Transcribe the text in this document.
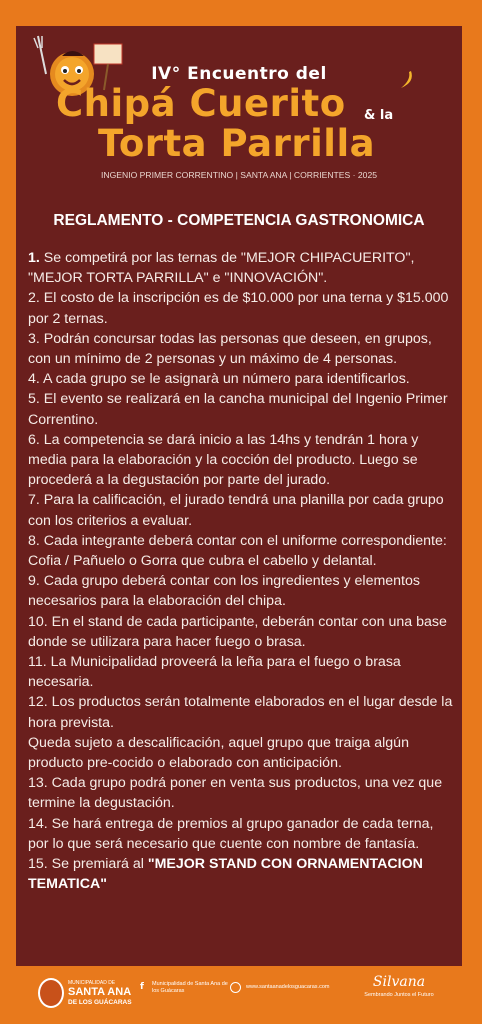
IV° Encuentro del
Chipá Cuerito & la
Torta Parrilla
INGENIO PRIMER CORRENTINO | SANTA ANA | CORRIENTES · 2025
REGLAMENTO - COMPETENCIA GASTRONOMICA
1. Se competirá por las ternas de "MEJOR CHIPACUERITO", "MEJOR TORTA PARRILLA" e "INNOVACIÓN".
2. El costo de la inscripción es de $10.000 por una terna y $15.000 por 2 ternas.
3. Podrán concursar todas las personas que deseen, en grupos, con un mínimo de 2 personas y un máximo de 4 personas.
4. A cada grupo se le asignarà un número para identificarlos.
5. El evento se realizará en la cancha municipal del Ingenio Primer Correntino.
6. La competencia se dará inicio a las 14hs y tendrán 1 hora y media para la elaboración y la cocción del producto. Luego se procederá a la degustación por parte del jurado.
7. Para la calificación, el jurado tendrá una planilla por cada grupo con los criterios a evaluar.
8. Cada integrante deberá contar con el uniforme correspondiente: Cofia / Pañuelo o Gorra que cubra el cabello y delantal.
9. Cada grupo deberá contar con los ingredientes y elementos necesarios para la elaboración del chipa.
10. En el stand de cada participante, deberán contar con una base donde se utilizara para hacer fuego o brasa.
11. La Municipalidad proveerá la leña para el fuego o brasa necesaria.
12. Los productos serán totalmente elaborados en el lugar desde la hora prevista.
Queda sujeto a descalificación, aquel grupo que traiga algún producto pre-cocido o elaborado con anticipación.
13. Cada grupo podrá poner en venta sus productos, una vez que termine la degustación.
14. Se hará entrega de premios al grupo ganador de cada terna, por lo que será necesario que cuente con nombre de fantasía.
15. Se premiará al "MEJOR STAND CON ORNAMENTACION TEMATICA"
MUNICIPALIDAD DE
SANTA ANA
DE LOS GUÁCARAS
f	Municipalidad de Santa Ana de los Guácaras
www.santaanadelosguacaras.com	Silvana
Sembrando Juntos el Futuro
